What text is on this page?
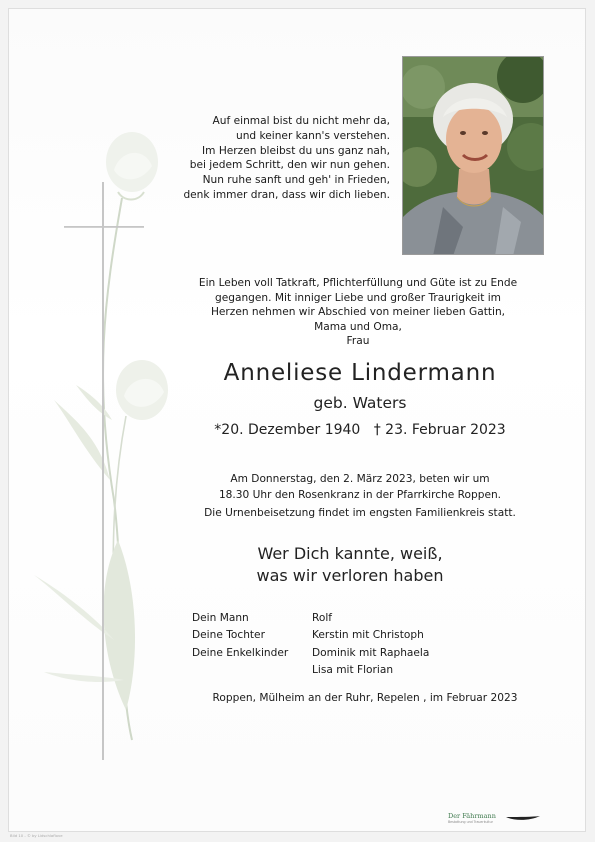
Auf einmal bist du nicht mehr da,
und keiner kann's verstehen.
Im Herzen bleibst du uns ganz nah,
bei jedem Schritt, den wir nun gehen.
Nun ruhe sanft und geh' in Frieden,
denk immer dran, dass wir dich lieben.
Ein Leben voll Tatkraft, Pflichterfüllung und Güte ist zu Ende
gegangen. Mit inniger Liebe und großer Traurigkeit im
Herzen nehmen wir Abschied von meiner lieben Gattin,
Mama und Oma,
Frau
Anneliese Lindermann
geb. Waters
*20. Dezember 1940 † 23. Februar 2023
Am Donnerstag, den 2. März 2023, beten wir um
18.30 Uhr den Rosenkranz in der Pfarrkirche Roppen.
Die Urnenbeisetzung findet im engsten Familienkreis statt.
Wer Dich kannte, weiß,
was wir verloren haben
Dein Mann	Rolf
Deine Tochter	Kerstin mit Christoph
Deine Enkelkinder	Dominik mit Raphaela
Lisa mit Florian
Roppen, Mülheim an der Ruhr, Repelen , im Februar 2023
Der Fährmann
Bestattung und Trauerkultur
Bild 10 - © by Lidschlaflove
